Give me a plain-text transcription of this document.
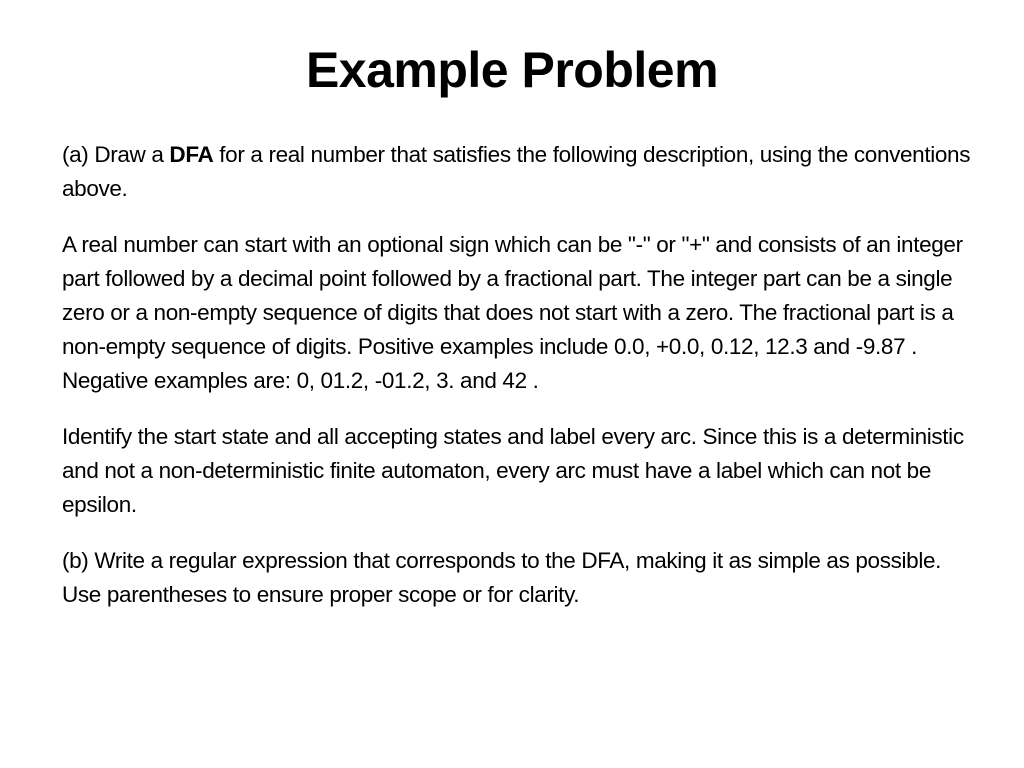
Example Problem

(a) Draw a DFA for a real number that satisfies the following description, using the conventions above.

A real number can start with an optional sign which can be "-" or "+" and consists of an integer part followed by a decimal point followed by a fractional part. The integer part can be a single zero or a non-empty sequence of digits that does not start with a zero. The fractional part is a non-empty sequence of digits. Positive examples include 0.0, +0.0, 0.12, 12.3 and -9.87 . Negative examples are: 0, 01.2, -01.2, 3. and 42 .

Identify the start state and all accepting states and label every arc. Since this is a deterministic and not a non-deterministic finite automaton, every arc must have a label which can not be epsilon.

(b) Write a regular expression that corresponds to the DFA, making it as simple as possible. Use parentheses to ensure proper scope or for clarity.
